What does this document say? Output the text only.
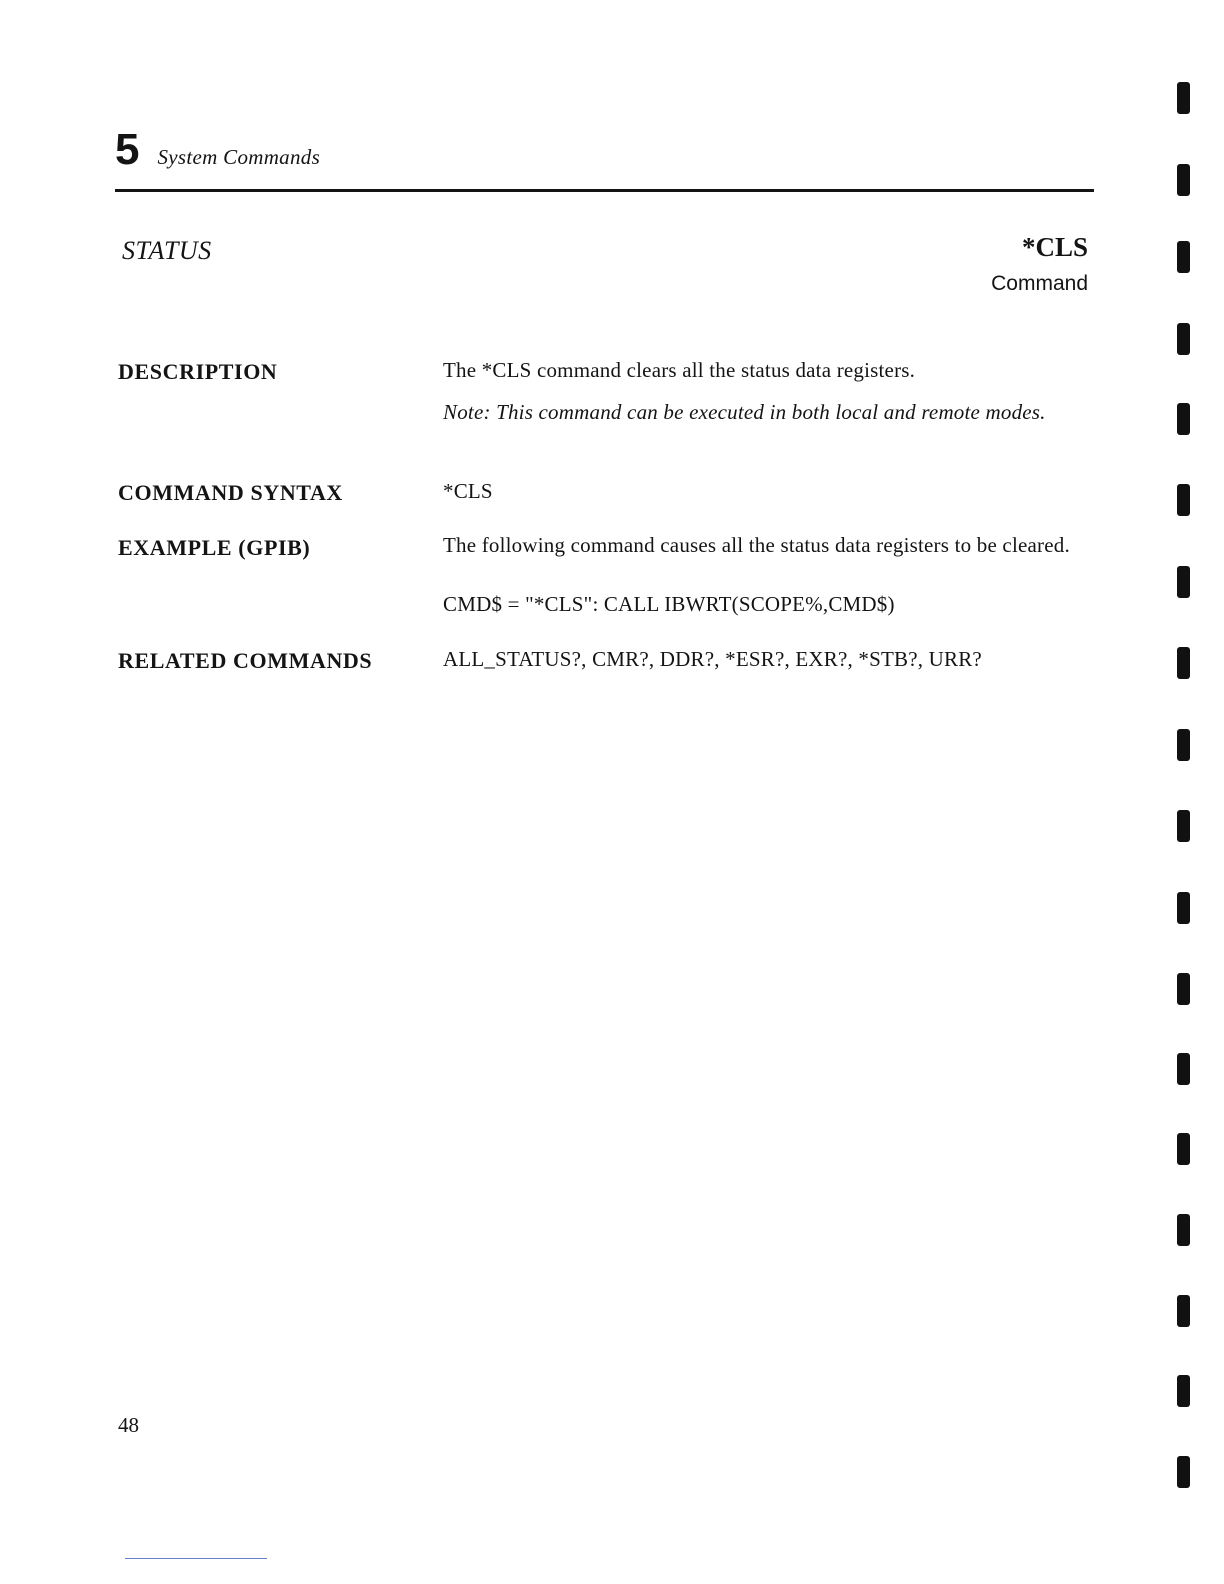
5 System Commands
STATUS	*CLS
Command
DESCRIPTION	The *CLS command clears all the status data registers.
Note: This command can be executed in both local and remote modes.
COMMAND SYNTAX	*CLS
EXAMPLE (GPIB)	The following command causes all the status data registers to be cleared.
CMD$ = "*CLS": CALL IBWRT(SCOPE%,CMD$)
RELATED COMMANDS	ALL_STATUS?, CMR?, DDR?, *ESR?, EXR?, *STB?, URR?
48
